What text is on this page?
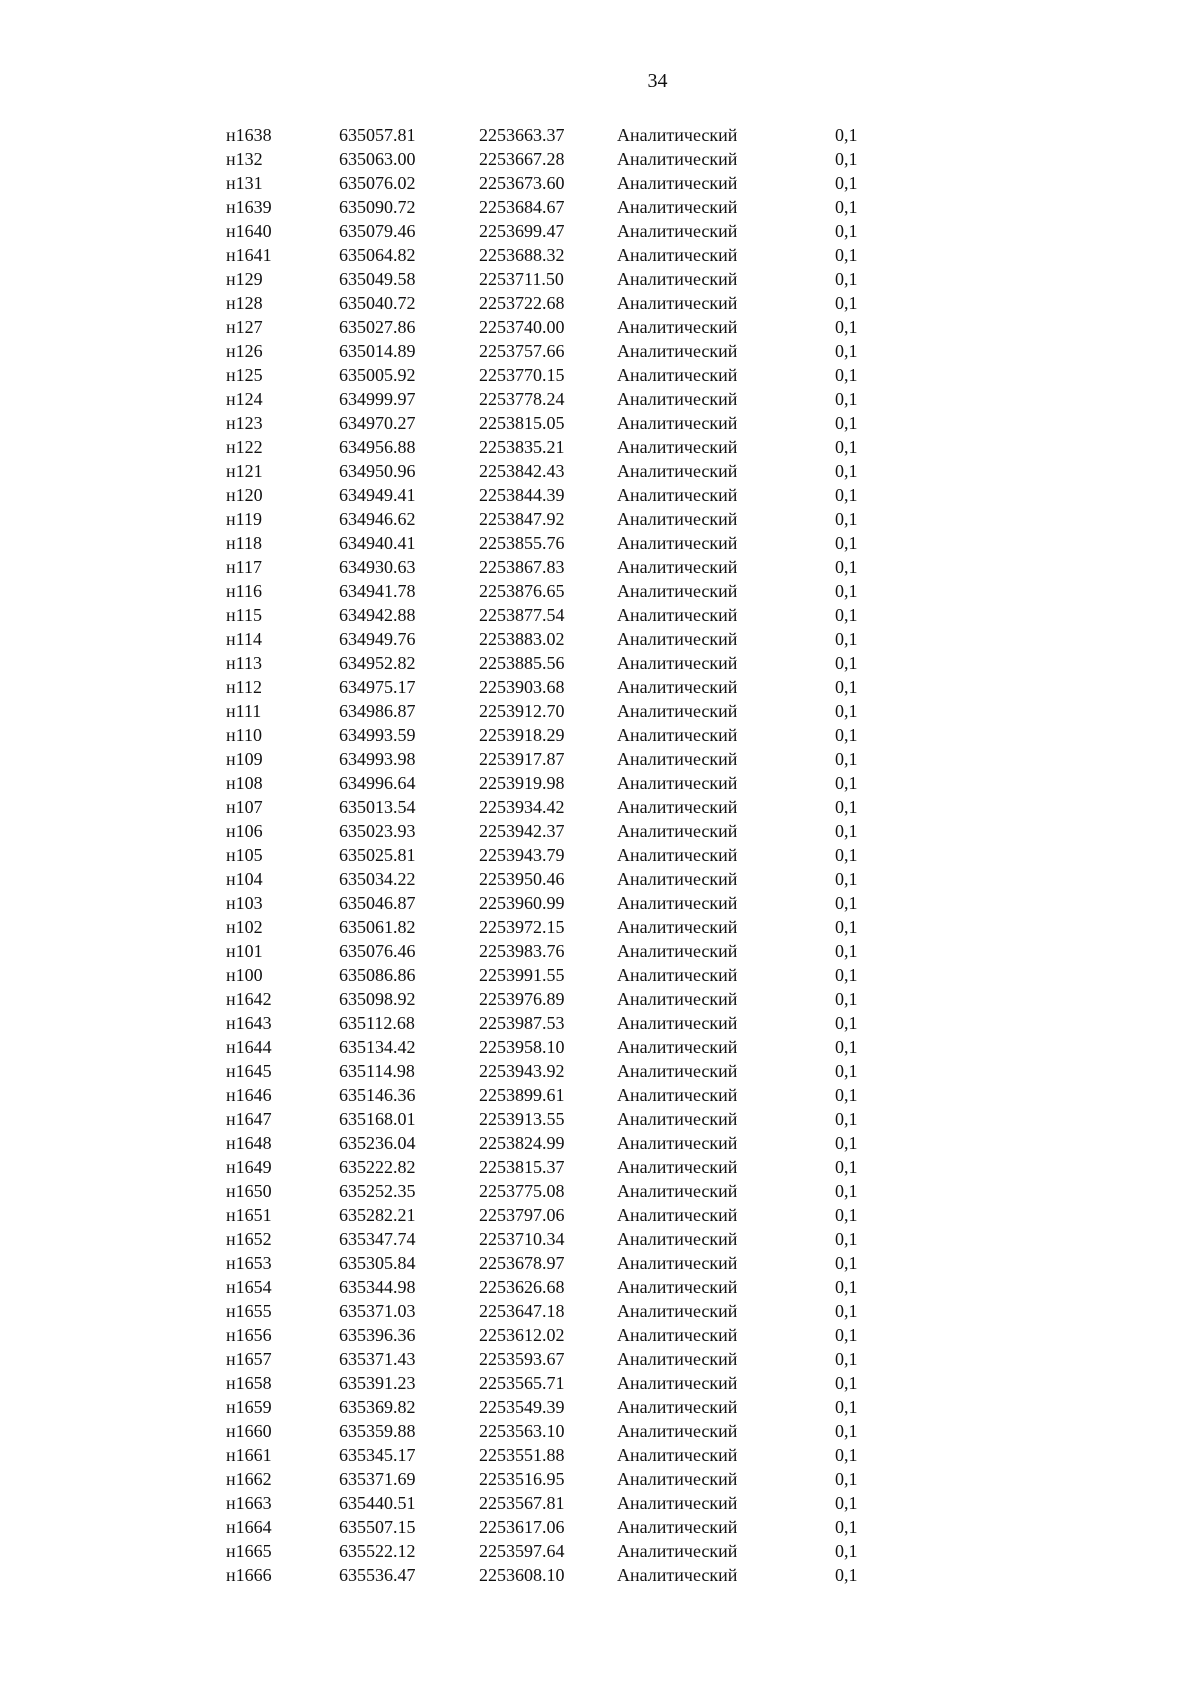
34
н1638	635057.81	2253663.37	Аналитический	0,1
н132	635063.00	2253667.28	Аналитический	0,1
н131	635076.02	2253673.60	Аналитический	0,1
н1639	635090.72	2253684.67	Аналитический	0,1
н1640	635079.46	2253699.47	Аналитический	0,1
н1641	635064.82	2253688.32	Аналитический	0,1
н129	635049.58	2253711.50	Аналитический	0,1
н128	635040.72	2253722.68	Аналитический	0,1
н127	635027.86	2253740.00	Аналитический	0,1
н126	635014.89	2253757.66	Аналитический	0,1
н125	635005.92	2253770.15	Аналитический	0,1
н124	634999.97	2253778.24	Аналитический	0,1
н123	634970.27	2253815.05	Аналитический	0,1
н122	634956.88	2253835.21	Аналитический	0,1
н121	634950.96	2253842.43	Аналитический	0,1
н120	634949.41	2253844.39	Аналитический	0,1
н119	634946.62	2253847.92	Аналитический	0,1
н118	634940.41	2253855.76	Аналитический	0,1
н117	634930.63	2253867.83	Аналитический	0,1
н116	634941.78	2253876.65	Аналитический	0,1
н115	634942.88	2253877.54	Аналитический	0,1
н114	634949.76	2253883.02	Аналитический	0,1
н113	634952.82	2253885.56	Аналитический	0,1
н112	634975.17	2253903.68	Аналитический	0,1
н111	634986.87	2253912.70	Аналитический	0,1
н110	634993.59	2253918.29	Аналитический	0,1
н109	634993.98	2253917.87	Аналитический	0,1
н108	634996.64	2253919.98	Аналитический	0,1
н107	635013.54	2253934.42	Аналитический	0,1
н106	635023.93	2253942.37	Аналитический	0,1
н105	635025.81	2253943.79	Аналитический	0,1
н104	635034.22	2253950.46	Аналитический	0,1
н103	635046.87	2253960.99	Аналитический	0,1
н102	635061.82	2253972.15	Аналитический	0,1
н101	635076.46	2253983.76	Аналитический	0,1
н100	635086.86	2253991.55	Аналитический	0,1
н1642	635098.92	2253976.89	Аналитический	0,1
н1643	635112.68	2253987.53	Аналитический	0,1
н1644	635134.42	2253958.10	Аналитический	0,1
н1645	635114.98	2253943.92	Аналитический	0,1
н1646	635146.36	2253899.61	Аналитический	0,1
н1647	635168.01	2253913.55	Аналитический	0,1
н1648	635236.04	2253824.99	Аналитический	0,1
н1649	635222.82	2253815.37	Аналитический	0,1
н1650	635252.35	2253775.08	Аналитический	0,1
н1651	635282.21	2253797.06	Аналитический	0,1
н1652	635347.74	2253710.34	Аналитический	0,1
н1653	635305.84	2253678.97	Аналитический	0,1
н1654	635344.98	2253626.68	Аналитический	0,1
н1655	635371.03	2253647.18	Аналитический	0,1
н1656	635396.36	2253612.02	Аналитический	0,1
н1657	635371.43	2253593.67	Аналитический	0,1
н1658	635391.23	2253565.71	Аналитический	0,1
н1659	635369.82	2253549.39	Аналитический	0,1
н1660	635359.88	2253563.10	Аналитический	0,1
н1661	635345.17	2253551.88	Аналитический	0,1
н1662	635371.69	2253516.95	Аналитический	0,1
н1663	635440.51	2253567.81	Аналитический	0,1
н1664	635507.15	2253617.06	Аналитический	0,1
н1665	635522.12	2253597.64	Аналитический	0,1
н1666	635536.47	2253608.10	Аналитический	0,1
